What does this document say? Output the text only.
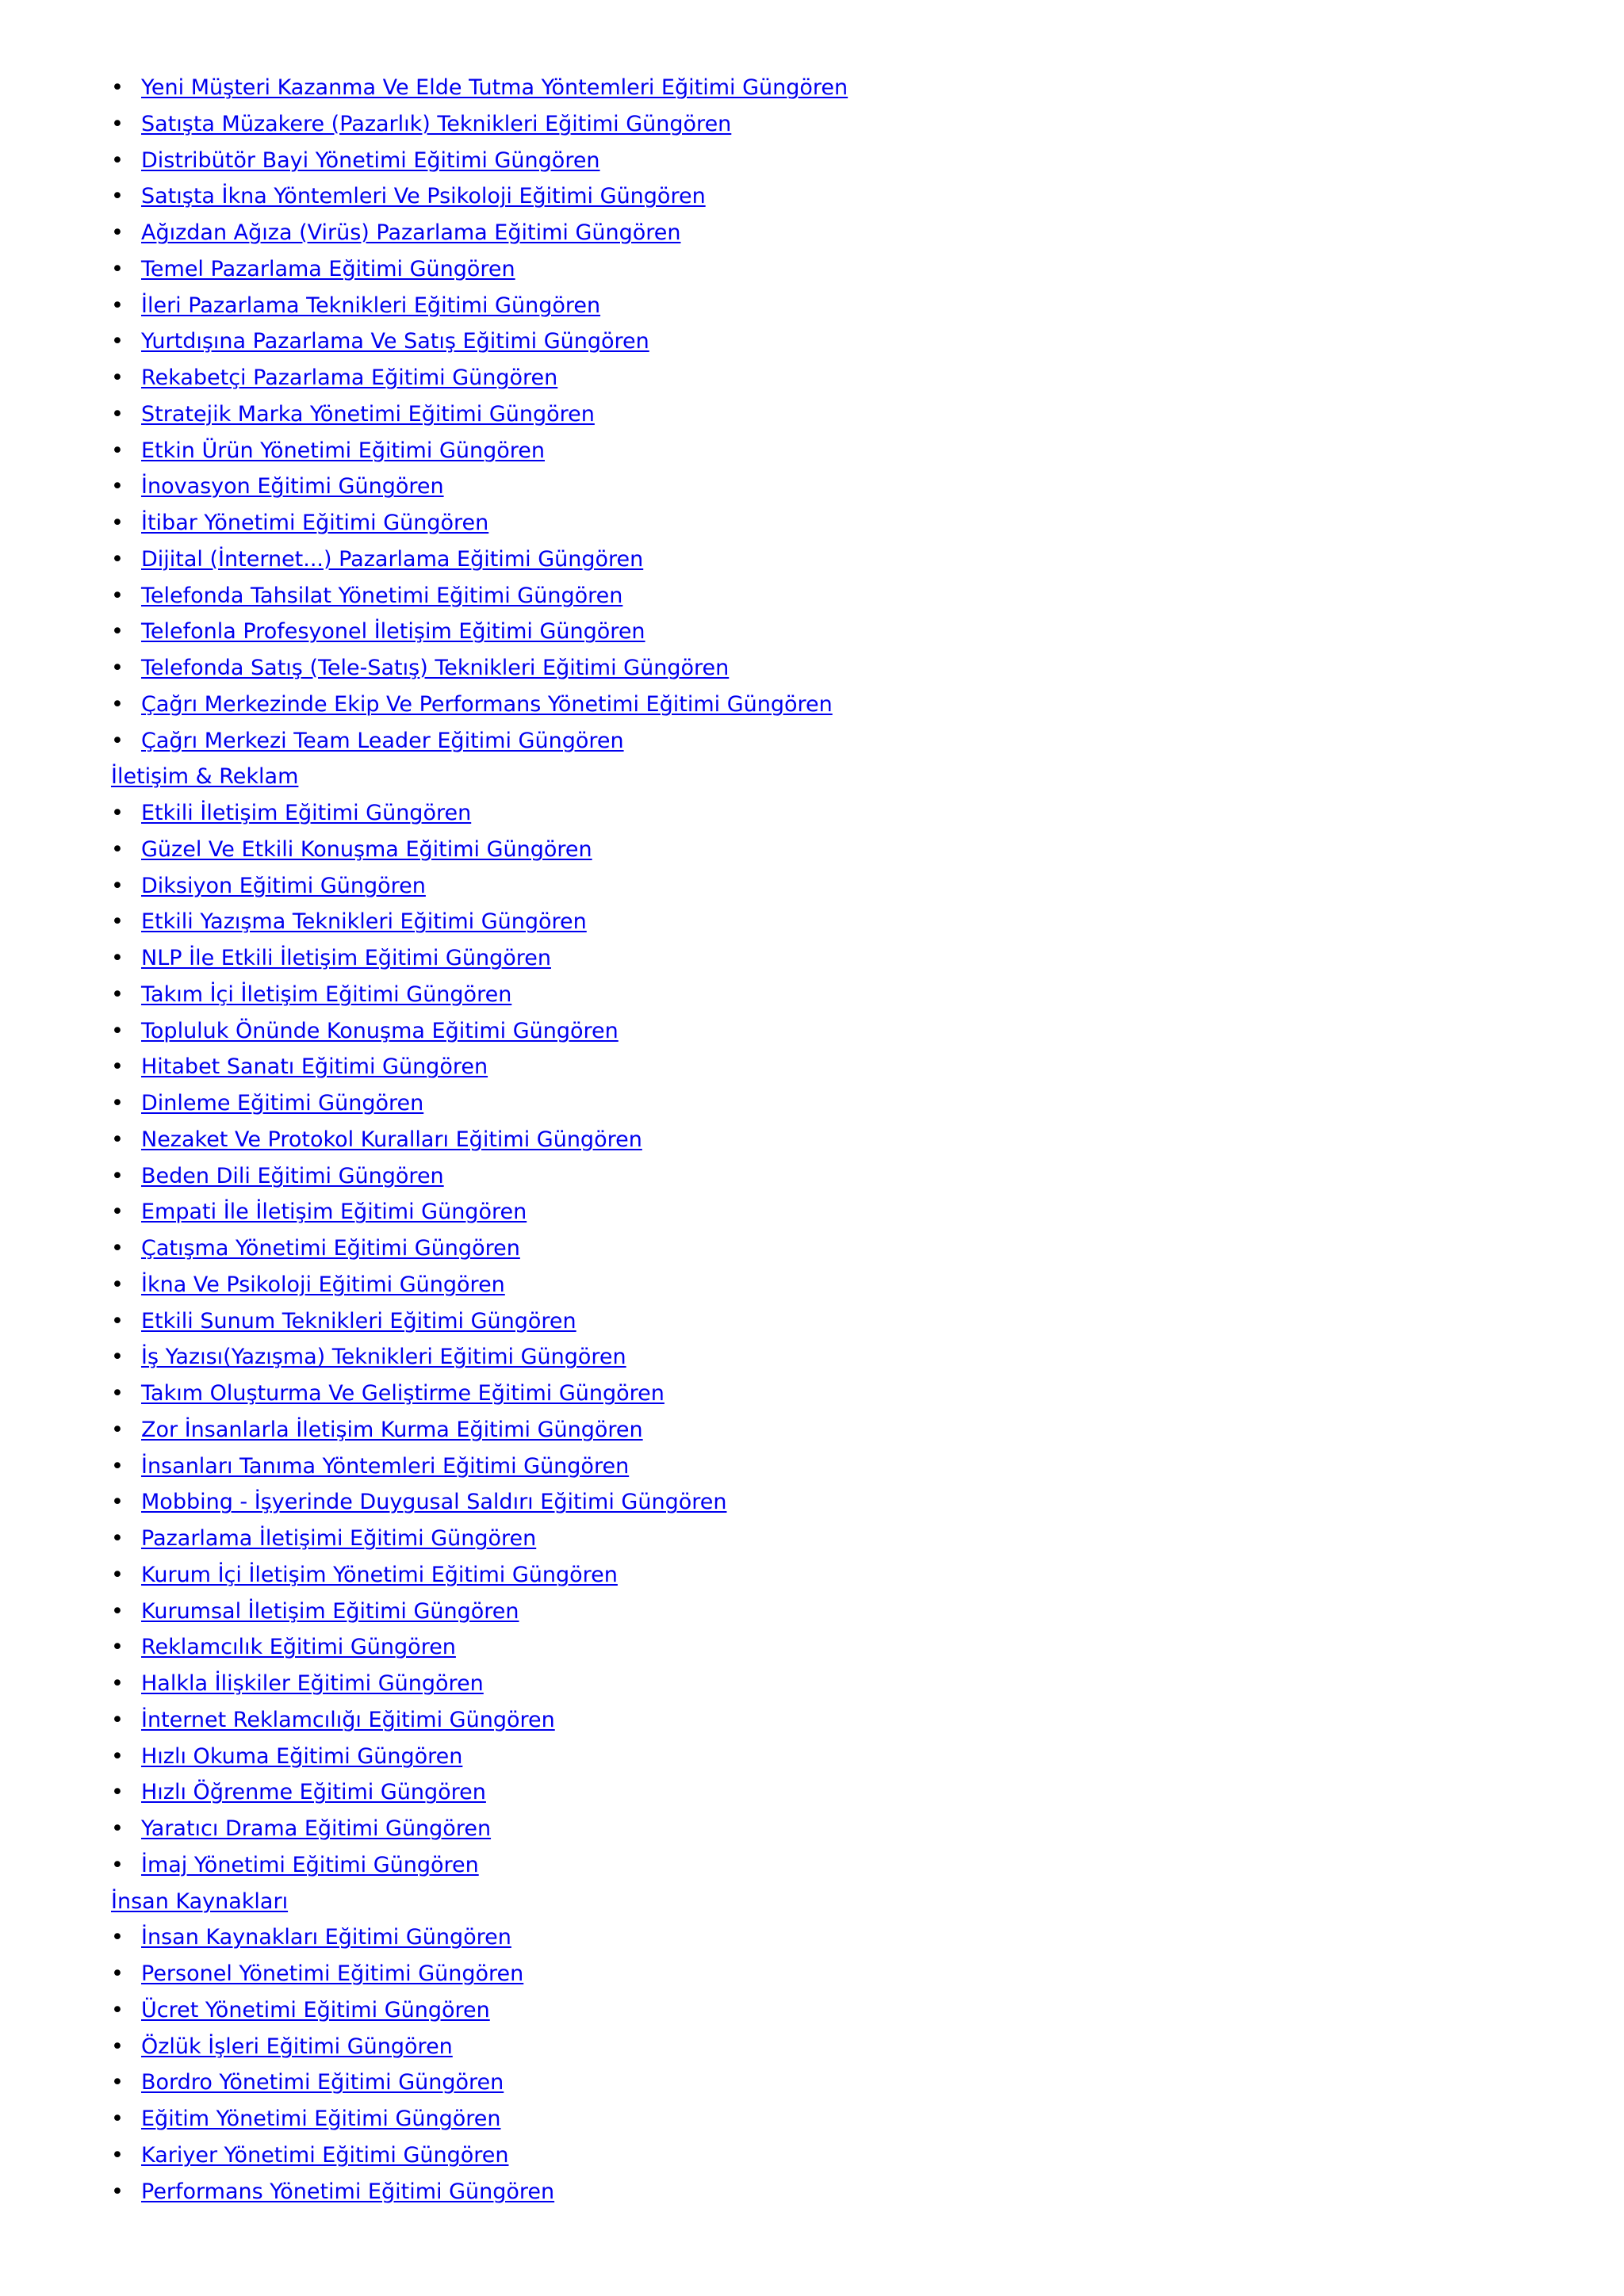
• Yeni Müşteri Kazanma Ve Elde Tutma Yöntemleri Eğitimi Güngören
• Satışta Müzakere (Pazarlık) Teknikleri Eğitimi Güngören
• Distribütör Bayi Yönetimi Eğitimi Güngören
• Satışta İkna Yöntemleri Ve Psikoloji Eğitimi Güngören
• Ağızdan Ağıza (Virüs) Pazarlama Eğitimi Güngören
• Temel Pazarlama Eğitimi Güngören
• İleri Pazarlama Teknikleri Eğitimi Güngören
• Yurtdışına Pazarlama Ve Satış Eğitimi Güngören
• Rekabetçi Pazarlama Eğitimi Güngören
• Stratejik Marka Yönetimi Eğitimi Güngören
• Etkin Ürün Yönetimi Eğitimi Güngören
• İnovasyon Eğitimi Güngören
• İtibar Yönetimi Eğitimi Güngören
• Dijital (İnternet...) Pazarlama Eğitimi Güngören
• Telefonda Tahsilat Yönetimi Eğitimi Güngören
• Telefonla Profesyonel İletişim Eğitimi Güngören
• Telefonda Satış (Tele-Satış) Teknikleri Eğitimi Güngören
• Çağrı Merkezinde Ekip Ve Performans Yönetimi Eğitimi Güngören
• Çağrı Merkezi Team Leader Eğitimi Güngören
İletişim & Reklam
• Etkili İletişim Eğitimi Güngören
• Güzel Ve Etkili Konuşma Eğitimi Güngören
• Diksiyon Eğitimi Güngören
• Etkili Yazışma Teknikleri Eğitimi Güngören
• NLP İle Etkili İletişim Eğitimi Güngören
• Takım İçi İletişim Eğitimi Güngören
• Topluluk Önünde Konuşma Eğitimi Güngören
• Hitabet Sanatı Eğitimi Güngören
• Dinleme Eğitimi Güngören
• Nezaket Ve Protokol Kuralları Eğitimi Güngören
• Beden Dili Eğitimi Güngören
• Empati İle İletişim Eğitimi Güngören
• Çatışma Yönetimi Eğitimi Güngören
• İkna Ve Psikoloji Eğitimi Güngören
• Etkili Sunum Teknikleri Eğitimi Güngören
• İş Yazısı(Yazışma) Teknikleri Eğitimi Güngören
• Takım Oluşturma Ve Geliştirme Eğitimi Güngören
• Zor İnsanlarla İletişim Kurma Eğitimi Güngören
• İnsanları Tanıma Yöntemleri Eğitimi Güngören
• Mobbing - İşyerinde Duygusal Saldırı Eğitimi Güngören
• Pazarlama İletişimi Eğitimi Güngören
• Kurum İçi İletişim Yönetimi Eğitimi Güngören
• Kurumsal İletişim Eğitimi Güngören
• Reklamcılık Eğitimi Güngören
• Halkla İlişkiler Eğitimi Güngören
• İnternet Reklamcılığı Eğitimi Güngören
• Hızlı Okuma Eğitimi Güngören
• Hızlı Öğrenme Eğitimi Güngören
• Yaratıcı Drama Eğitimi Güngören
• İmaj Yönetimi Eğitimi Güngören
İnsan Kaynakları
• İnsan Kaynakları Eğitimi Güngören
• Personel Yönetimi Eğitimi Güngören
• Ücret Yönetimi Eğitimi Güngören
• Özlük İşleri Eğitimi Güngören
• Bordro Yönetimi Eğitimi Güngören
• Eğitim Yönetimi Eğitimi Güngören
• Kariyer Yönetimi Eğitimi Güngören
• Performans Yönetimi Eğitimi Güngören
